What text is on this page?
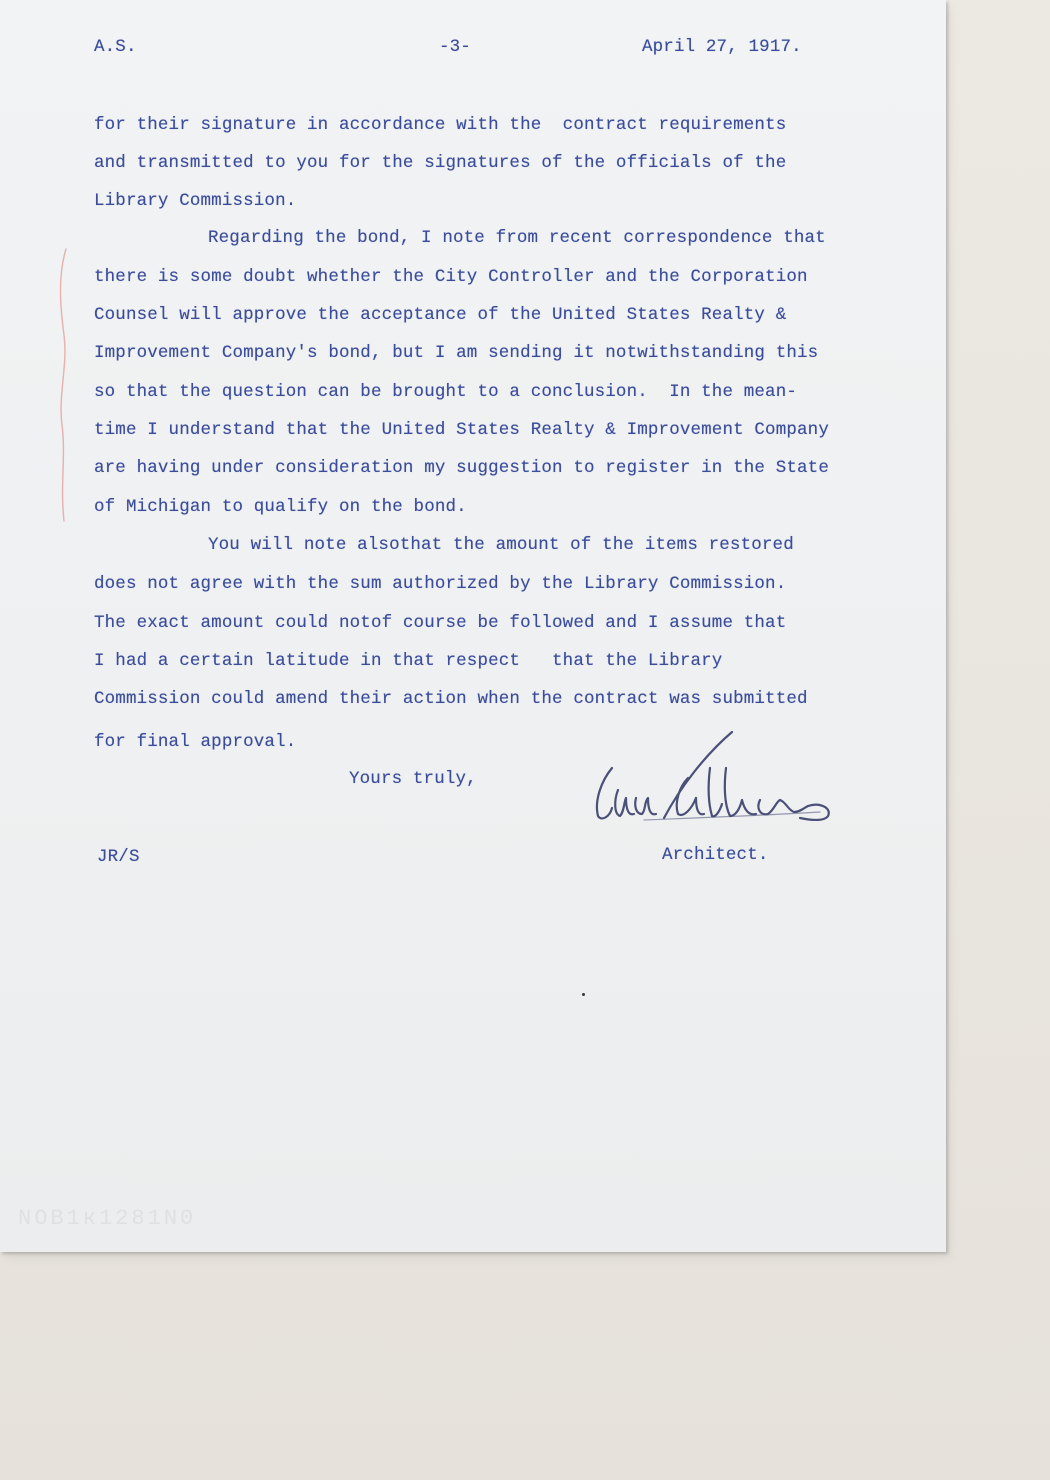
A.S.	-3-	April 27, 1917.
for their signature in accordance with the  contract requirements
and transmitted to you for the signatures of the officials of the
Library Commission.
Regarding the bond, I note from recent correspondence that
there is some doubt whether the City Controller and the Corporation
Counsel will approve the acceptance of the United States Realty &
Improvement Company's bond, but I am sending it notwithstanding this
so that the question can be brought to a conclusion.  In the mean-
time I understand that the United States Realty & Improvement Company
are having under consideration my suggestion to register in the State
of Michigan to qualify on the bond.
You will note alsothat the amount of the items restored
does not agree with the sum authorized by the Library Commission.
The exact amount could notof course be followed and I assume that
I had a certain latitude in that respect   that the Library
Commission could amend their action when the contract was submitted
for final approval.
Yours truly,
JR/S	Architect.
NOB1к1281N0
